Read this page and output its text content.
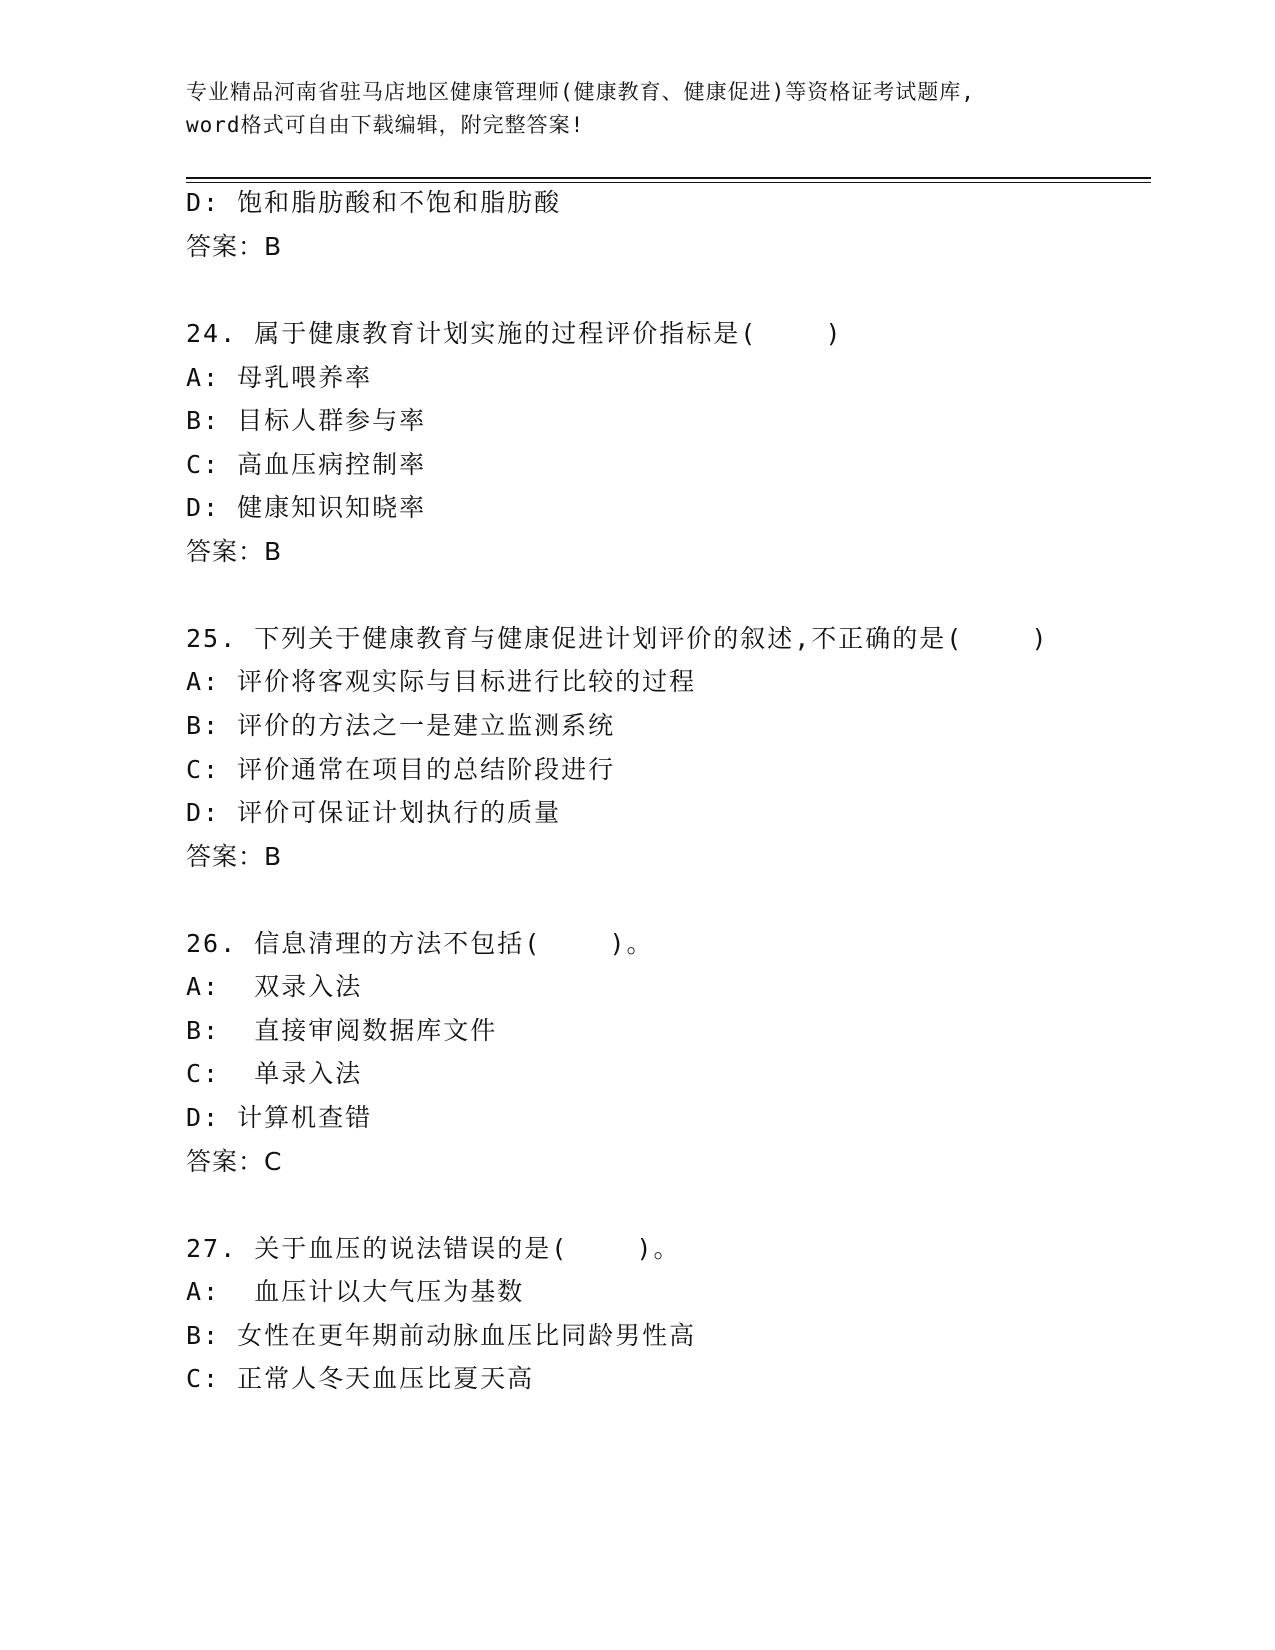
专业精品河南省驻马店地区健康管理师(健康教育、健康促进)等资格证考试题库,
word格式可自由下载编辑，附完整答案!
D: 饱和脂肪酸和不饱和脂肪酸
答案：B
24. 属于健康教育计划实施的过程评价指标是(    )
A: 母乳喂养率
B: 目标人群参与率
C: 高血压病控制率
D: 健康知识知晓率
答案：B
25. 下列关于健康教育与健康促进计划评价的叙述,不正确的是(    )
A: 评价将客观实际与目标进行比较的过程
B: 评价的方法之一是建立监测系统
C: 评价通常在项目的总结阶段进行
D: 评价可保证计划执行的质量
答案：B
26. 信息清理的方法不包括(    )。
A:  双录入法
B:  直接审阅数据库文件
C:  单录入法
D: 计算机查错
答案：C
27. 关于血压的说法错误的是(    )。
A:  血压计以大气压为基数
B: 女性在更年期前动脉血压比同龄男性高
C: 正常人冬天血压比夏天高
